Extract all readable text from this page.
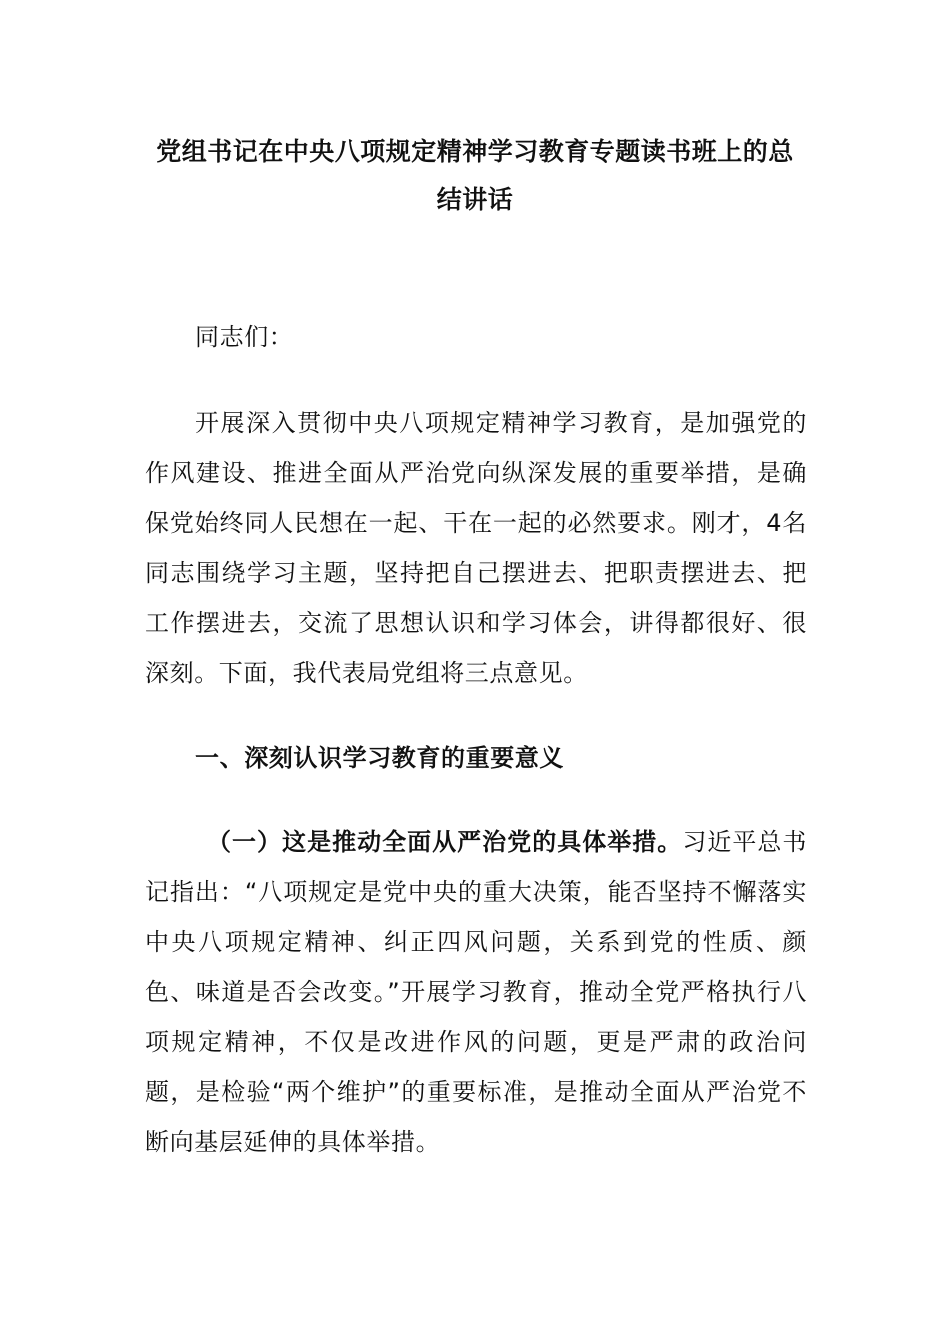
党组书记在中央八项规定精神学习教育专题读书班上的总
结讲话
同志们：
开展深入贯彻中央八项规定精神学习教育，是加强党的作风建设、推进全面从严治党向纵深发展的重要举措，是确保党始终同人民想在一起、干在一起的必然要求。刚才，4名同志围绕学习主题，坚持把自己摆进去、把职责摆进去、把工作摆进去，交流了思想认识和学习体会，讲得都很好、很深刻。下面，我代表局党组将三点意见。
一、深刻认识学习教育的重要意义
（一）这是推动全面从严治党的具体举措。习近平总书记指出：“八项规定是党中央的重大决策，能否坚持不懈落实中央八项规定精神、纠正四风问题，关系到党的性质、颜色、味道是否会改变。”开展学习教育，推动全党严格执行八项规定精神，不仅是改进作风的问题，更是严肃的政治问题，是检验“两个维护”的重要标准，是推动全面从严治党不断向基层延伸的具体举措。
